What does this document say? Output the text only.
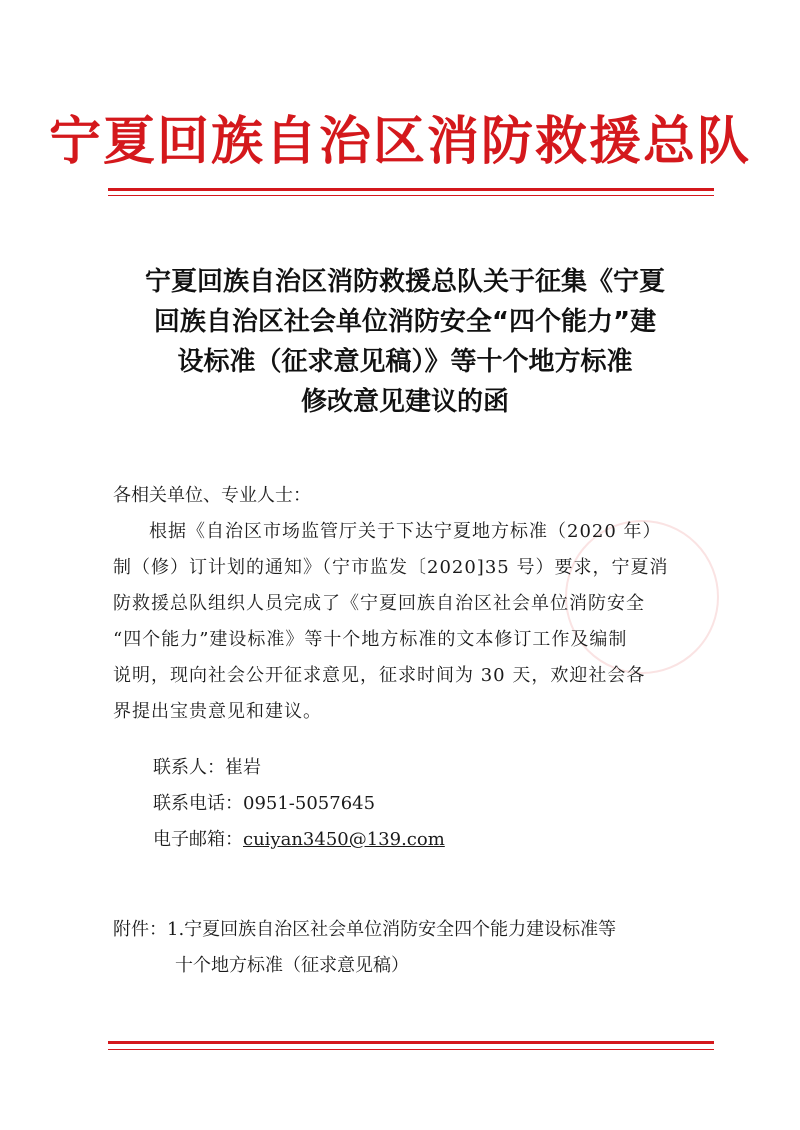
宁夏回族自治区消防救援总队
宁夏回族自治区消防救援总队关于征集《宁夏
回族自治区社会单位消防安全“四个能力”建
设标准（征求意见稿）》等十个地方标准
修改意见建议的函
各相关单位、专业人士：
根据《自治区市场监管厅关于下达宁夏地方标准（2020 年）
制（修）订计划的通知》（宁市监发〔2020]35 号）要求，宁夏消
防救援总队组织人员完成了《宁夏回族自治区社会单位消防安全
“四个能力”建设标准》等十个地方标准的文本修订工作及编制
说明，现向社会公开征求意见，征求时间为 30 天，欢迎社会各
界提出宝贵意见和建议。
联系人：崔岩
联系电话：0951-5057645
电子邮箱：cuiyan3450@139.com
附件：1.宁夏回族自治区社会单位消防安全四个能力建设标准等
十个地方标准（征求意见稿）
